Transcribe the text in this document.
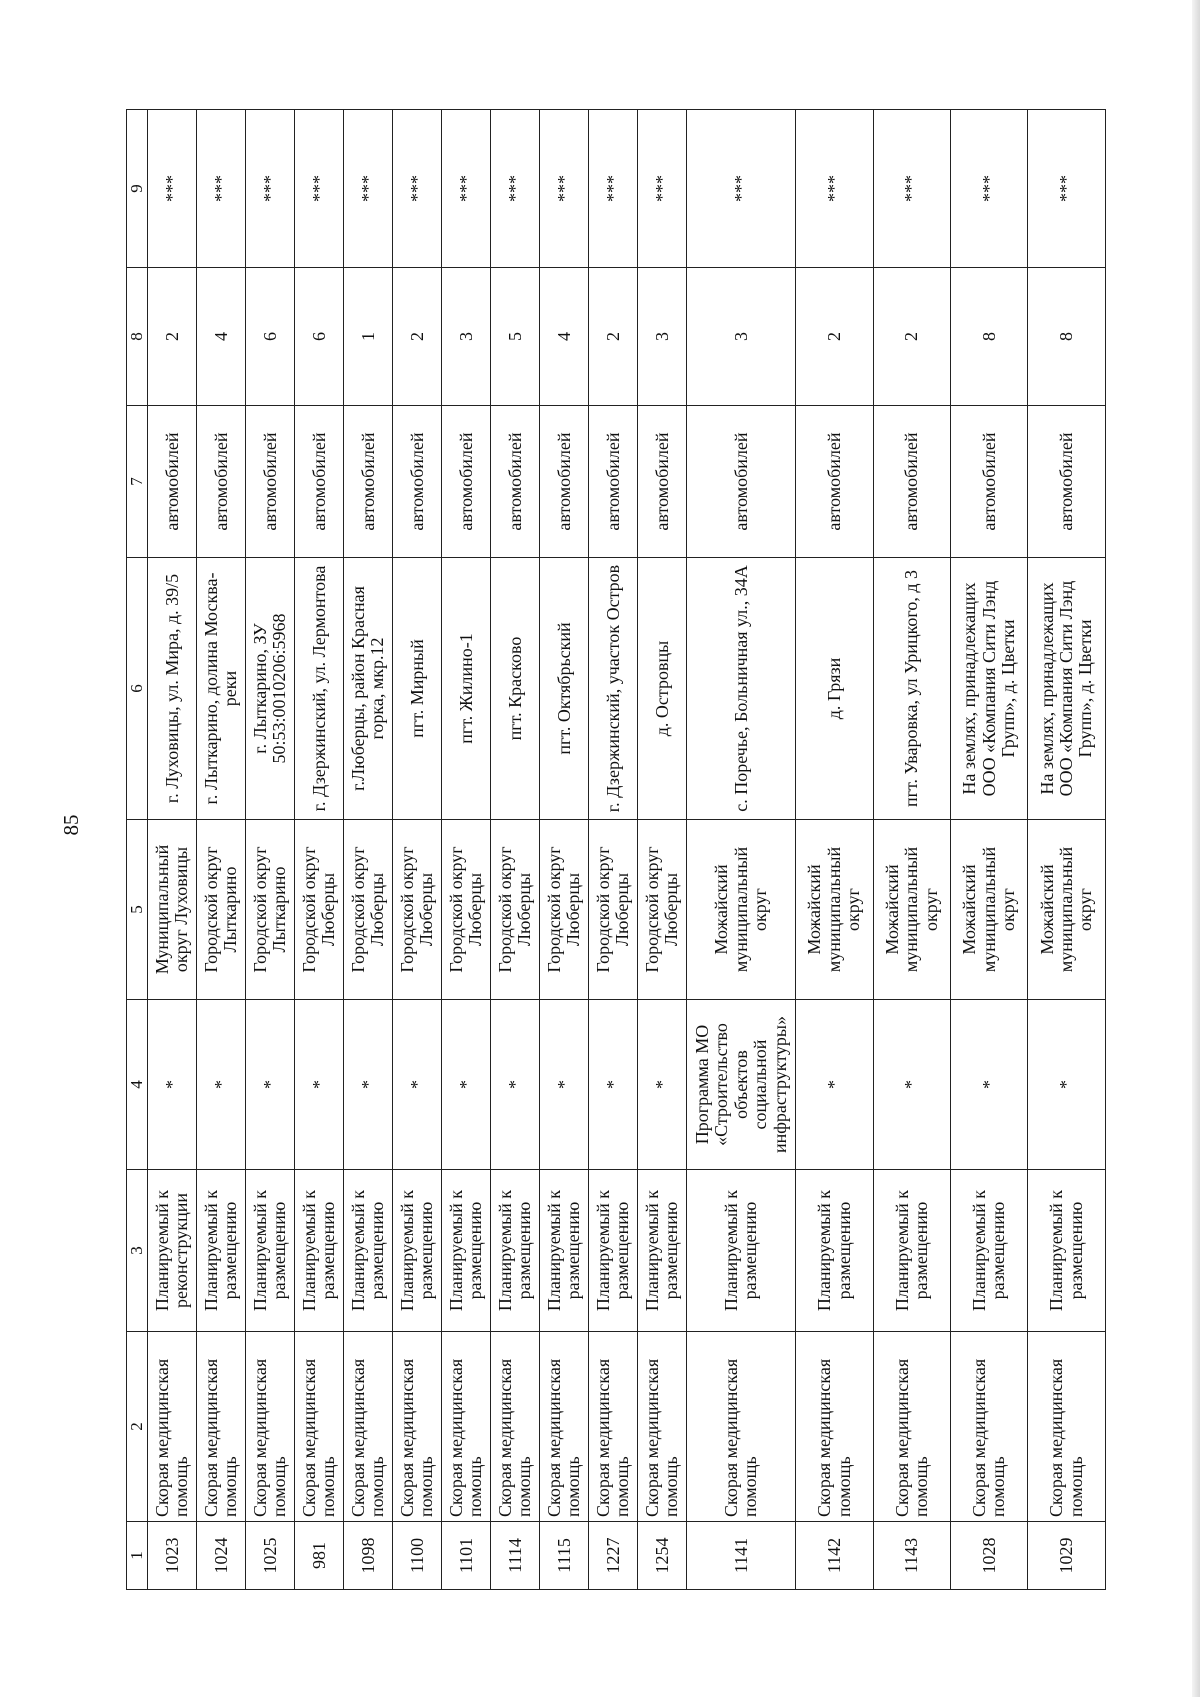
85
1	2	3	4	5	6	7	8	9
1023	Скорая медицинская помощь	Планируемый к реконструкции	*	Муниципальный округ Луховицы	г. Луховицы, ул. Мира, д. 39/5	автомобилей	2	***
1024	Скорая медицинская помощь	Планируемый к размещению	*	Городской округ Лыткарино	г. Лыткарино, долина Москва-реки	автомобилей	4	***
1025	Скорая медицинская помощь	Планируемый к размещению	*	Городской округ Лыткарино	г. Лыткарино, ЗУ 50:53:0010206:5968	автомобилей	6	***
981	Скорая медицинская помощь	Планируемый к размещению	*	Городской округ Люберцы	г. Дзержинский, ул. Лермонтова	автомобилей	6	***
1098	Скорая медицинская помощь	Планируемый к размещению	*	Городской округ Люберцы	г.Люберцы, район Красная горка, мкр.12	автомобилей	1	***
1100	Скорая медицинская помощь	Планируемый к размещению	*	Городской округ Люберцы	пгт. Мирный	автомобилей	2	***
1101	Скорая медицинская помощь	Планируемый к размещению	*	Городской округ Люберцы	пгт. Жилино-1	автомобилей	3	***
1114	Скорая медицинская помощь	Планируемый к размещению	*	Городской округ Люберцы	пгт. Красково	автомобилей	5	***
1115	Скорая медицинская помощь	Планируемый к размещению	*	Городской округ Люберцы	пгт. Октябрьский	автомобилей	4	***
1227	Скорая медицинская помощь	Планируемый к размещению	*	Городской округ Люберцы	г. Дзержинский, участок Остров	автомобилей	2	***
1254	Скорая медицинская помощь	Планируемый к размещению	*	Городской округ Люберцы	д. Островцы	автомобилей	3	***
1141	Скорая медицинская помощь	Планируемый к размещению	Программа МО «Строительство объектов социальной инфраструктуры»	Можайский муниципальный округ	с. Поречье, Больничная ул., 34А	автомобилей	3	***
1142	Скорая медицинская помощь	Планируемый к размещению	*	Можайский муниципальный округ	д. Грязи	автомобилей	2	***
1143	Скорая медицинская помощь	Планируемый к размещению	*	Можайский муниципальный округ	пгт. Уваровка, ул Урицкого, д 3	автомобилей	2	***
1028	Скорая медицинская помощь	Планируемый к размещению	*	Можайский муниципальный округ	На землях, принадлежащих ООО «Компания Сити Лэнд Групп», д. Цветки	автомобилей	8	***
1029	Скорая медицинская помощь	Планируемый к размещению	*	Можайский муниципальный округ	На землях, принадлежащих ООО «Компания Сити Лэнд Групп», д. Цветки	автомобилей	8	***
